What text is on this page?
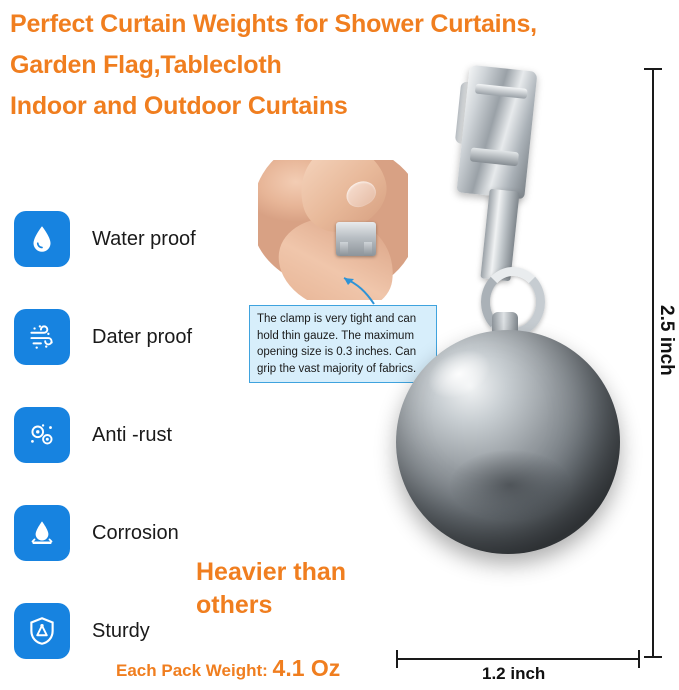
Perfect Curtain Weights for Shower Curtains,
Garden Flag,Tablecloth
Indoor and Outdoor Curtains
Water proof
Dater proof
Anti -rust
Corrosion
Sturdy
The clamp is very tight and can hold thin gauze. The maximum opening size is 0.3 inches. Can grip the vast majority of fabrics.	2.5 inch
1.2 inch
Heavier than
others
Each Pack Weight: 4.1 Oz
